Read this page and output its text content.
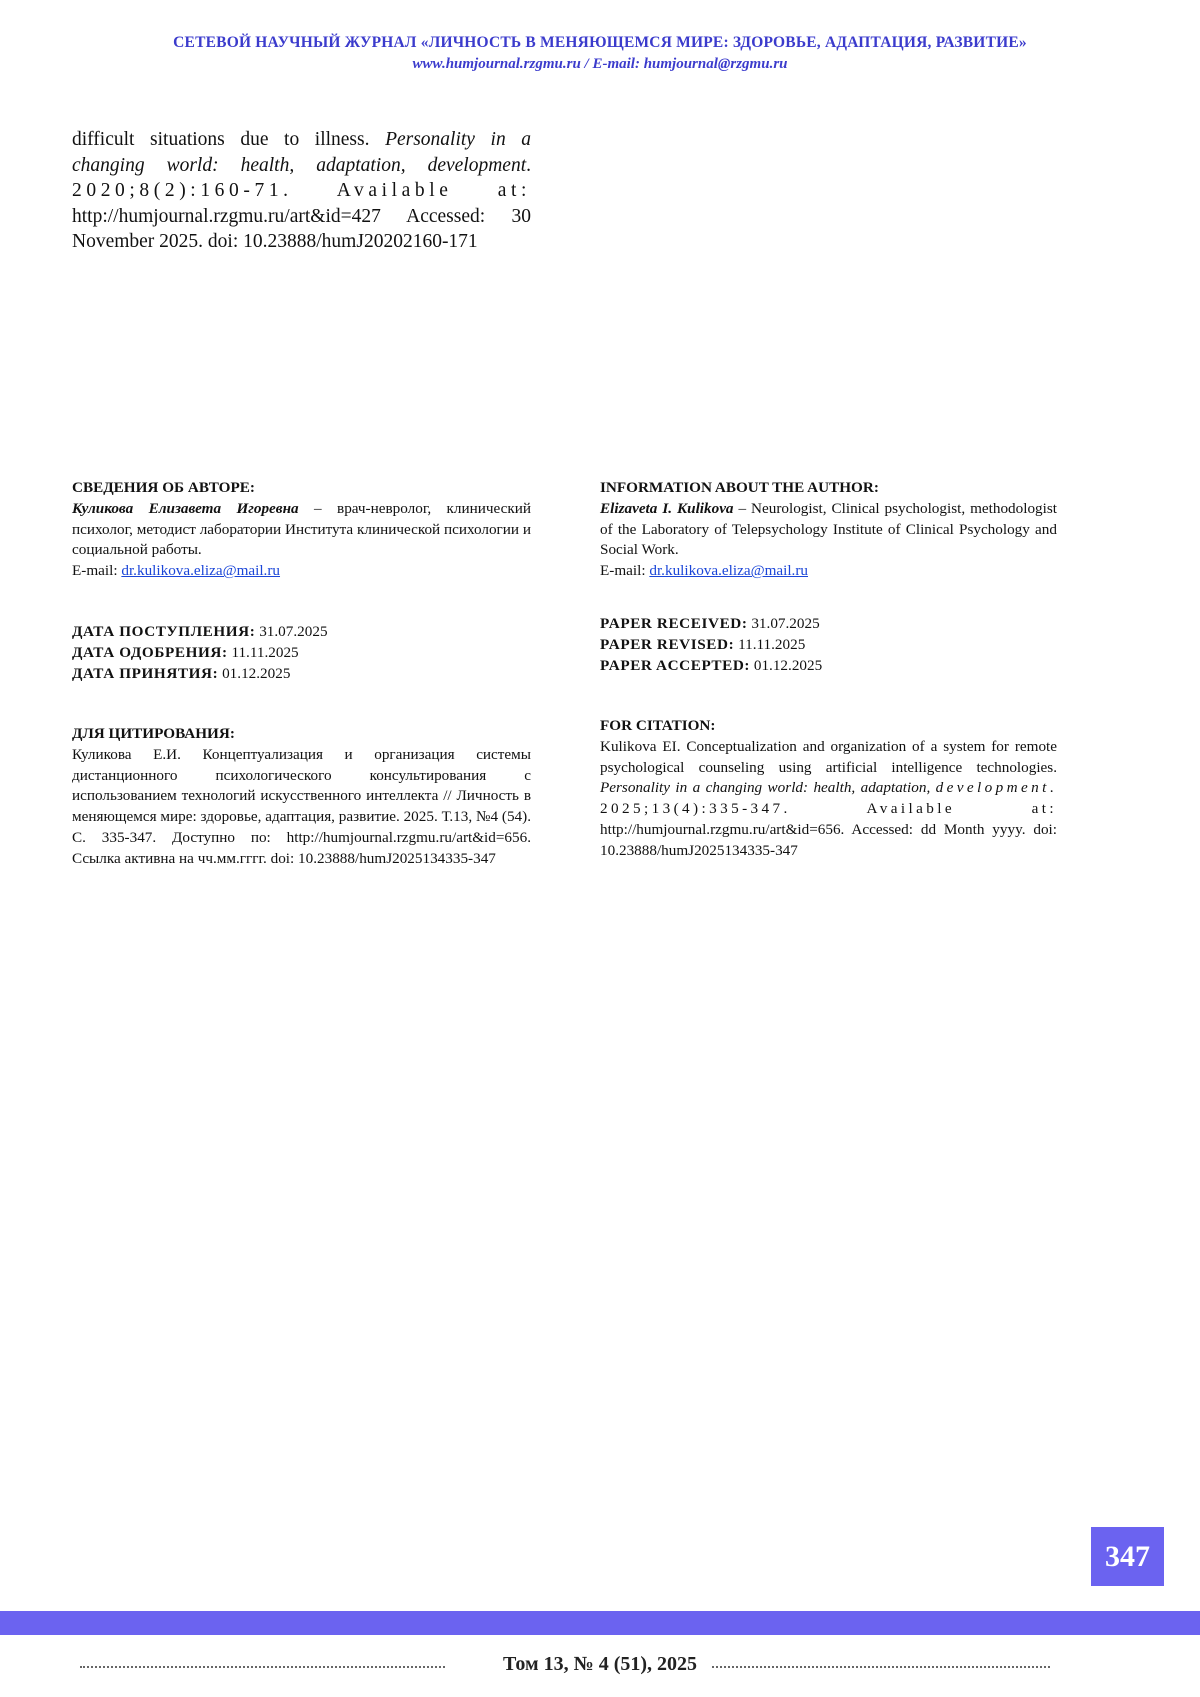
СЕТЕВОЙ НАУЧНЫЙ ЖУРНАЛ «ЛИЧНОСТЬ В МЕНЯЮЩЕМСЯ МИРЕ: ЗДОРОВЬЕ, АДАПТАЦИЯ, РАЗВИТИЕ»
www.humjournal.rzgmu.ru / E-mail: humjournal@rzgmu.ru
difficult situations due to illness. Personality in a changing world: health, adaptation, development. 2020;8(2):160-71. Available at: http://humjournal.rzgmu.ru/art&id=427 Accessed: 30 November 2025. doi: 10.23888/humJ20202160-171
СВЕДЕНИЯ ОБ АВТОРЕ:
Куликова Елизавета Игоревна – врач-невролог, клинический психолог, методист лаборатории Института клинической психологии и социальной работы.
E-mail: dr.kulikova.eliza@mail.ru
ДАТА ПОСТУПЛЕНИЯ: 31.07.2025
ДАТА ОДОБРЕНИЯ: 11.11.2025
ДАТА ПРИНЯТИЯ: 01.12.2025
ДЛЯ ЦИТИРОВАНИЯ:
Куликова Е.И. Концептуализация и организация системы дистанционного психологического консультирования с использованием технологий искусственного интеллекта // Личность в меняющемся мире: здоровье, адаптация, развитие. 2025. Т.13, №4 (54). С. 335-347. Доступно по: http://humjournal.rzgmu.ru/art&id=656. Ссылка активна на чч.мм.гггг. doi: 10.23888/humJ2025134335-347
INFORMATION ABOUT THE AUTHOR:
Elizaveta I. Kulikova – Neurologist, Clinical psychologist, methodologist of the Laboratory of Telepsychology Institute of Clinical Psychology and Social Work.
E-mail: dr.kulikova.eliza@mail.ru
PAPER RECEIVED: 31.07.2025
PAPER REVISED: 11.11.2025
PAPER ACCEPTED: 01.12.2025
FOR CITATION:
Kulikova EI. Conceptualization and organization of a system for remote psychological counseling using artificial intelligence technologies. Personality in a changing world: health, adaptation, development. 2025;13(4):335-347. Available at: http://humjournal.rzgmu.ru/art&id=656. Accessed: dd Month yyyy. doi: 10.23888/humJ2025134335-347
347
Том 13, № 4 (51), 2025
